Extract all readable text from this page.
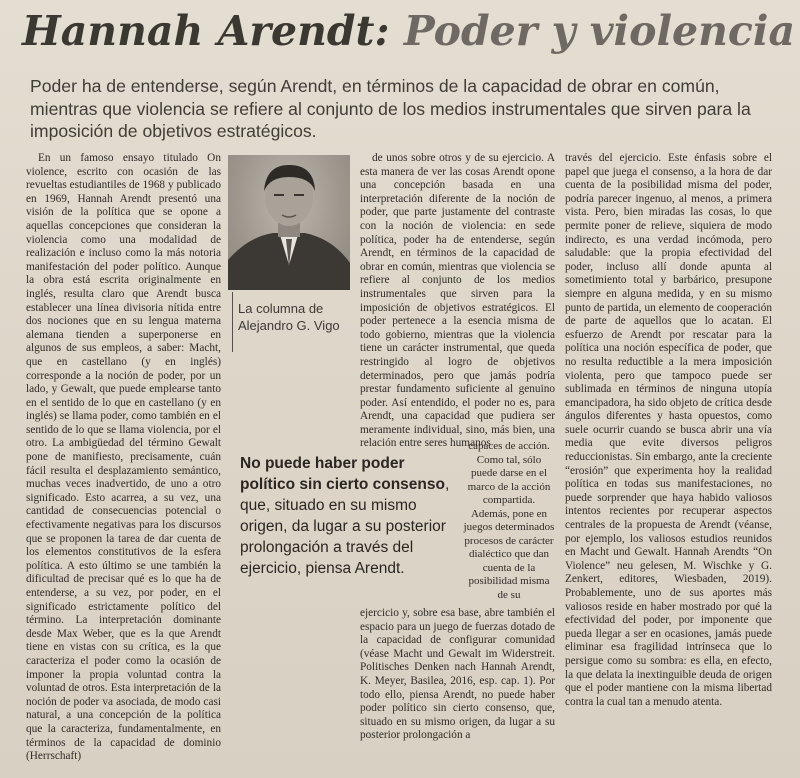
Hannah Arendt: Poder y violencia
Poder ha de entenderse, según Arendt, en términos de la capacidad de obrar en común, mientras que violencia se refiere al conjunto de los medios instrumentales que sirven para la imposición de objetivos estratégicos.

En un famoso ensayo titulado On violence, escrito con ocasión de las revueltas estudiantiles de 1968 y publicado en 1969, Hannah Arendt presentó una visión de la política que se opone a aquellas concepciones que consideran la violencia como una modalidad de realización e incluso como la más notoria manifestación del poder político. Aunque la obra está escrita originalmente en inglés, resulta claro que Arendt busca establecer una línea divisoria nítida entre dos nociones que en su lengua materna alemana tienden a superponerse en algunos de sus empleos, a saber: Macht, que en castellano (y en inglés) corresponde a la noción de poder, por un lado, y Gewalt, que puede emplearse tanto en el sentido de lo que en castellano (y en inglés) se llama poder, como también en el sentido de lo que se llama violencia, por el otro. La ambigüedad del término Gewalt pone de manifiesto, precisamente, cuán fácil resulta el desplazamiento semántico, muchas veces inadvertido, de uno a otro significado. Esto acarrea, a su vez, una cantidad de consecuencias potencial o efectivamente negativas para los discursos que se proponen la tarea de dar cuenta de los elementos constitutivos de la esfera política. A esto último se une también la dificultad de precisar qué es lo que ha de entenderse, a su vez, por poder, en el significado estrictamente político del término. La interpretación dominante desde Max Weber, que es la que Arendt tiene en vistas con su crítica, es la que caracteriza el poder como la ocasión de imponer la propia voluntad contra la voluntad de otros. Esta interpretación de la noción de poder va asociada, de modo casi natural, a una concepción de la política que la caracteriza, fundamentalmente, en términos de la capacidad de dominio (Herrschaft)

La columna de Alejandro G. Vigo

de unos sobre otros y de su ejercicio. A esta manera de ver las cosas Arendt opone una concepción basada en una interpretación diferente de la noción de poder, que parte justamente del contraste con la noción de violencia: en sede política, poder ha de entenderse, según Arendt, en términos de la capacidad de obrar en común, mientras que violencia se refiere al conjunto de los medios instrumentales que sirven para la imposición de objetivos estratégicos. El poder pertenece a la esencia misma de todo gobierno, mientras que la violencia tiene un carácter instrumental, que queda restringido al logro de objetivos determinados, pero que jamás podría prestar fundamento suficiente al genuino poder. Así entendido, el poder no es, para Arendt, una capacidad que pudiera ser meramente individual, sino, más bien, una relación entre seres humanos

No puede haber poder político sin cierto consenso, que, situado en su mismo origen, da lugar a su posterior prolongación a través del ejercicio, piensa Arendt.
capaces de acción. Como tal, sólo puede darse en el marco de la acción compartida. Además, pone en juegos determinados procesos de carácter dialéctico que dan cuenta de la posibilidad misma de su

ejercicio y, sobre esa base, abre también el espacio para un juego de fuerzas dotado de la capacidad de configurar comunidad (véase Macht und Gewalt im Widerstreit. Politisches Denken nach Hannah Arendt, K. Meyer, Basilea, 2016, esp. cap. 1). Por todo ello, piensa Arendt, no puede haber poder político sin cierto consenso, que, situado en su mismo origen, da lugar a su posterior prolongación a

través del ejercicio. Este énfasis sobre el papel que juega el consenso, a la hora de dar cuenta de la posibilidad misma del poder, podría parecer ingenuo, al menos, a primera vista. Pero, bien miradas las cosas, lo que permite poner de relieve, siquiera de modo indirecto, es una verdad incómoda, pero saludable: que la propia efectividad del poder, incluso allí donde apunta al sometimiento total y barbárico, presupone siempre en alguna medida, y en su mismo punto de partida, un elemento de cooperación de parte de aquellos que lo acatan. El esfuerzo de Arendt por rescatar para la política una noción específica de poder, que no resulta reductible a la mera imposición violenta, pero que tampoco puede ser sublimada en términos de ninguna utopía emancipadora, ha sido objeto de crítica desde ángulos diferentes y hasta opuestos, como suele ocurrir cuando se busca abrir una vía media que evite diversos peligros reduccionistas. Sin embargo, ante la creciente “erosión” que experimenta hoy la realidad política en todas sus manifestaciones, no puede sorprender que haya habido valiosos intentos recientes por recuperar aspectos centrales de la propuesta de Arendt (véanse, por ejemplo, los valiosos estudios reunidos en Macht und Gewalt. Hannah Arendts “On Violence” neu gelesen, M. Wischke y G. Zenkert, editores, Wiesbaden, 2019). Probablemente, uno de sus aportes más valiosos reside en haber mostrado por qué la efectividad del poder, por imponente que pueda llegar a ser en ocasiones, jamás puede eliminar esa fragilidad intrínseca que lo persigue como su sombra: es ella, en efecto, la que delata la inextinguible deuda de origen que el poder mantiene con la misma libertad contra la cual tan a menudo atenta.
